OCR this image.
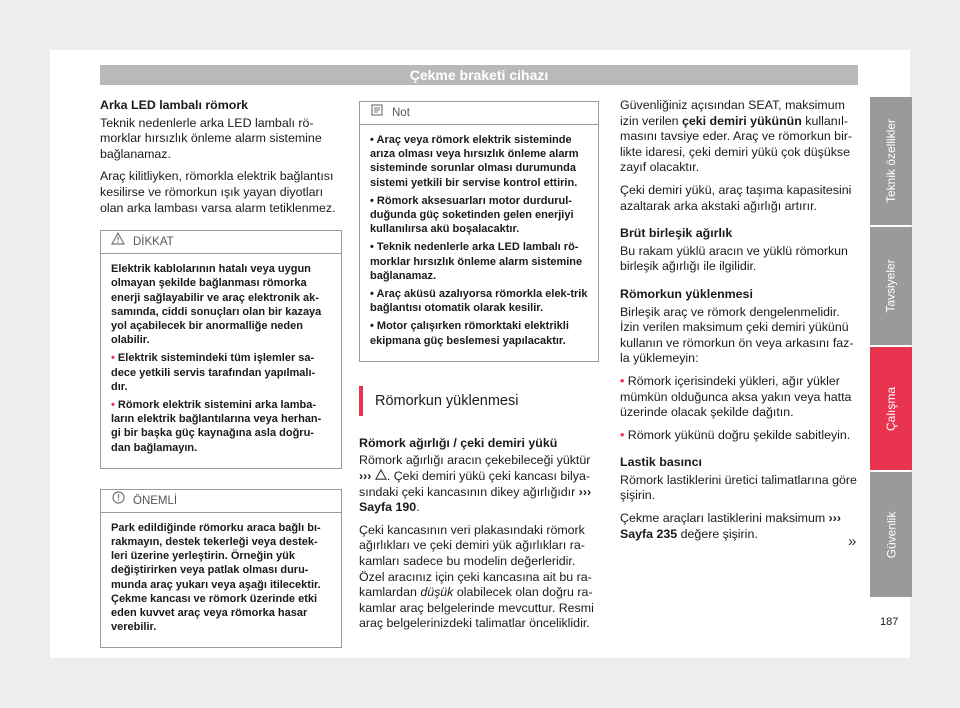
Çekme braketi cihazı

Arka LED lambalı römork

Teknik nedenlerle arka LED lambalı rö-morklar hırsızlık önleme alarm sistemine bağlanamaz.

Araç kilitliyken, römorkla elektrik bağlantısı kesilirse ve römorkun ışık yayan diyotları olan arka lambası varsa alarm tetiklenmez.

DİKKAT

Elektrik kablolarının hatalı veya uygun olmayan şekilde bağlanması römorka enerji sağlayabilir ve araç elektronik ak-samında, ciddi sonuçları olan bir kazaya yol açabilecek bir anormalliğe neden olabilir.

• Elektrik sistemindeki tüm işlemler sa-dece yetkili servis tarafından yapılmalı-dır.

• Römork elektrik sistemini arka lamba-ların elektrik bağlantılarına veya herhan-gi bir başka güç kaynağına asla doğru-dan bağlamayın.

ÖNEMLİ

Park edildiğinde römorku araca bağlı bı-rakmayın, destek tekerleği veya destek-leri üzerine yerleştirin. Örneğin yük değiştirirken veya patlak olması duru-munda araç yukarı veya aşağı itilecektir. Çekme kancası ve römork üzerinde etki eden kuvvet araç veya römorka hasar verebilir.

Not

• Araç veya römork elektrik sisteminde arıza olması veya hırsızlık önleme alarm sisteminde sorunlar olması durumunda sistemi yetkili bir servise kontrol ettirin.

• Römork aksesuarları motor durdurul-duğunda güç soketinden gelen enerjiyi kullanılırsa akü boşalacaktır.

• Teknik nedenlerle arka LED lambalı rö-morklar hırsızlık önleme alarm sistemine bağlanamaz.

• Araç aküsü azalıyorsa römorkla elek-trik bağlantısı otomatik olarak kesilir.

• Motor çalışırken römorktaki elektrikli ekipmana güç beslemesi yapılacaktır.

Römorkun yüklenmesi

Römork ağırlığı / çeki demiri yükü

Römork ağırlığı aracın çekebileceği yüktür ››› . Çeki demiri yükü çeki kancası bilya-sındaki çeki kancasının dikey ağırlığıdır ››› Sayfa 190.

Çeki kancasının veri plakasındaki römork ağırlıkları ve çeki demiri yük ağırlıkları ra-kamları sadece bu modelin değerleridir. Özel aracınız için çeki kancasına ait bu ra-kamlardan düşük olabilecek olan doğru ra-kamlar araç belgelerinde mevcuttur. Resmi araç belgelerinizdeki talimatlar önceliklidir.

Güvenliğiniz açısından SEAT, maksimum izin verilen çeki demiri yükünün kullanıl-masını tavsiye eder. Araç ve römorkun bir-likte idaresi, çeki demiri yükü çok düşükse zayıf olacaktır.

Çeki demiri yükü, araç taşıma kapasitesini azaltarak arka akstaki ağırlığı artırır.

Brüt birleşik ağırlık

Bu rakam yüklü aracın ve yüklü römorkun birleşik ağırlığı ile ilgilidir.

Römorkun yüklenmesi

Birleşik araç ve römork dengelenmelidir. İzin verilen maksimum çeki demiri yükünü kullanın ve römorkun ön veya arkasını faz-la yüklemeyin:

• Römork içerisindeki yükleri, ağır yükler mümkün olduğunca aksa yakın veya hatta üzerinde olacak şekilde dağıtın.

• Römork yükünü doğru şekilde sabitleyin.

Lastik basıncı

Römork lastiklerini üretici talimatlarına göre şişirin.

Çekme araçları lastiklerini maksimum ››› Sayfa 235 değere şişirin.	»
Teknik özellikler
Tavsiyeler
Çalışma
Güvenlik
187
